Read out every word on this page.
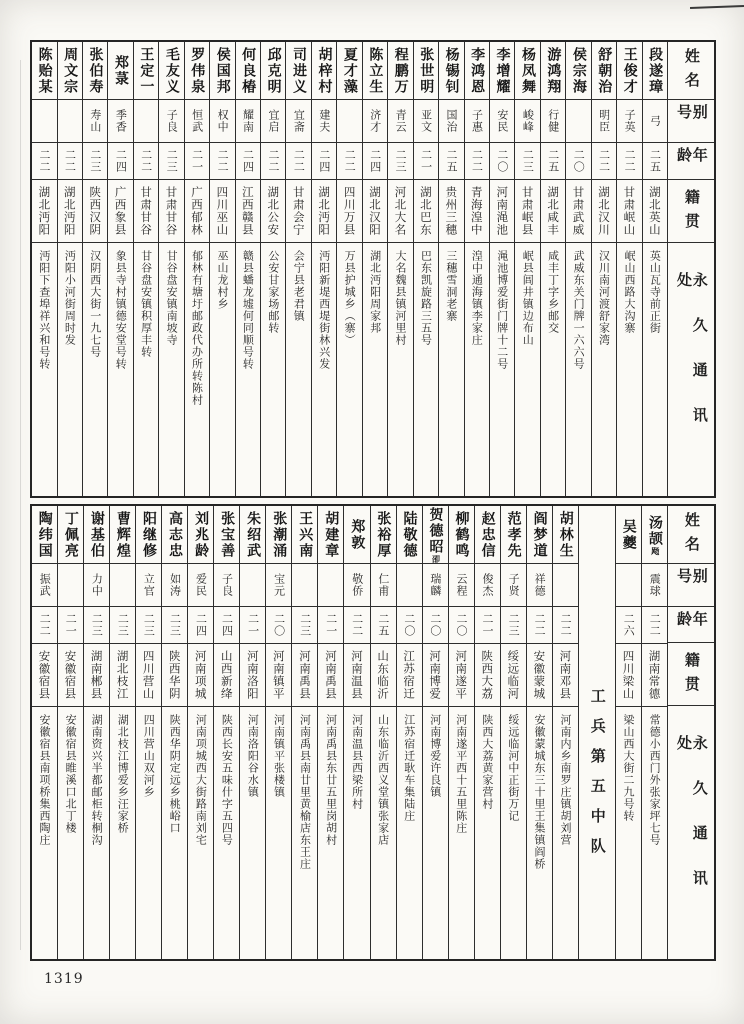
姓名
别号
年龄
籍贯
永久通讯处
段遂璋
弓
二五
湖北英山
英山瓦寺前正街
王俊才
子英
二二
甘肃岷山
岷山西路大沟寨
舒朝治
明臣
二二
湖北汉川
汉川南河渡舒家湾
侯宗海
二〇
甘肃武威
武威东关门牌一六六号
游鸿翔
行健
二五
湖北咸丰
咸丰丁字乡邮交
杨凤舞
峻峰
二三
甘肃岷县
岷县闾井镇边布山
李增耀
安民
二〇
河南渑池
渑池博爱街门牌十二号
李鸿恩
子惠
二二
青海湟中
湟中通海镇李家庄
杨锡钊
国治
二五
贵州三穗
三穗雪洞老寨
张世明
亚文
二一
湖北巴东
巴东凯旋路三五号
程鹏万
青云
二三
河北大名
大名魏县镇河里村
陈立生
济才
二四
湖北汉阳
湖北沔阳周家邦
夏才藻
二二
四川万县
万县护城乡（寨）
胡梓村
建夫
二四
湖北沔阳
沔阳新堤西堤街林兴发
司进义
宜斋
二二
甘肃会宁
会宁县老君镇
邱克明
宜启
二二
湖北公安
公安甘家场邮转
何良椿
耀南
二四
江西赣县
赣县蟠龙墟何同顺号转
侯国邦
权中
二二
四川巫山
巫山龙村乡
罗伟泉
恒武
二一
广西郁林
郁林有塘圩邮政代办所转陈村
毛友义
子良
二三
甘肃甘谷
甘谷盘安镇南坡寺
王定一
二二
甘肃甘谷
甘谷盘安镇积厚丰转
郑菉
季香
二四
广西象县
象县寺村镇德安堂号转
张伯寿
寿山
二三
陕西汉阴
汉阴西大街一九七号
周文宗
二二
湖北沔阳
沔阳小河街周时发
陈贻某
二二
湖北沔阳
沔阳下查埠祥兴和号转
姓名
别号
年龄
籍贯
永久通讯处
汤颉飏
震球
二二
湖南常德
常德小西门外张家坪七号
吴夔
二六
四川梁山
梁山西大街二九号转
工兵第五中队
胡林生
二二
河南邓县
河南内乡南罗庄镇胡刘营
阎梦道
祥德
二二
安徽蒙城
安徽蒙城东三十里王集镇阎桥
范孝先
子贤
二三
绥远临河
绥远临河中正街万记
赵忠信
俊杰
二一
陕西大荔
陕西大荔黄家营村
柳鹤鸣
云程
二〇
河南遂平
河南遂平西十五里陈庄
贺德昭卲
瑞麟
二〇
河南博爱
河南博爱许良镇
陆敬德
二〇
江苏宿迁
江苏宿迁耿车集陆庄
张裕厚
仁甫
二五
山东临沂
山东临沂西义堂镇张家店
郑敦
敬侨
二二
河南温县
河南温县西梁所村
胡建章
二一
河南禹县
河南禹县东廿五里岗胡村
王兴南
二三
河南禹县
河南禹县南廿里黄榆店东王庄
张潮涌
宝元
二〇
河南镇平
河南镇平张楼镇
朱绍武
二一
河南洛阳
河南洛阳谷水镇
张宝善
子良
二四
山西新绛
陕西长安五味什字五四号
刘兆龄
爱民
二四
河南项城
河南项城西大街路南刘宅
高志忠
如涛
二三
陕西华阴
陕西华阴定远乡桃峪口
阳继修
立官
二三
四川营山
四川营山双河乡
曹辉煌
二三
湖北枝江
湖北枝江博爱乡汪家桥
谢基伯
力中
二三
湖南郴县
湖南资兴半都邮柜转桐沟
丁佩亮
二一
安徽宿县
安徽宿县睢溪口北丁楼
陶纬国
振武
二二
安徽宿县
安徽宿县南项桥集西陶庄
1319
